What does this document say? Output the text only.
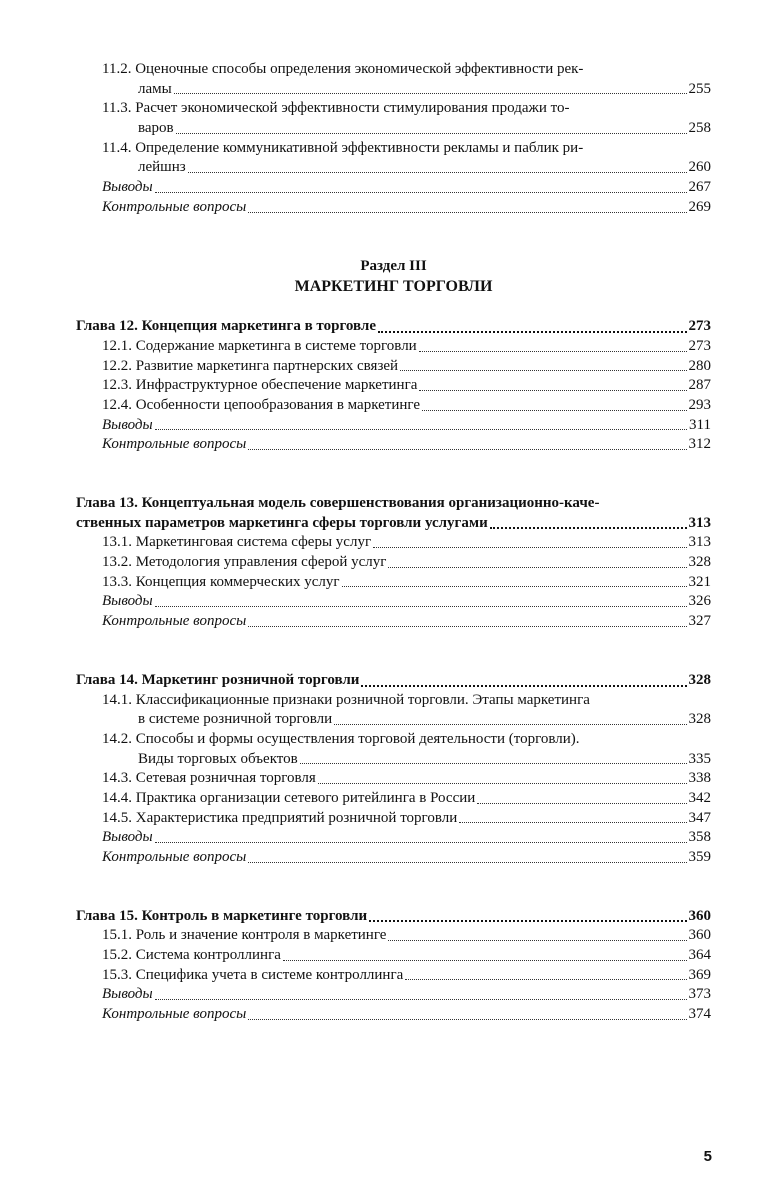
11.2. Оценочные способы определения экономической эффективности рек-
ламы	255
11.3. Расчет экономической эффективности стимулирования продажи то-
варов	258
11.4. Определение коммуникативной эффективности рекламы и паблик ри-
лейшнз	260
Выводы	267
Контрольные вопросы	269
Раздел III
МАРКЕТИНГ ТОРГОВЛИ
Глава 12. Концепция маркетинга в торговле	273
12.1. Содержание маркетинга в системе торговли	273
12.2. Развитие маркетинга партнерских связей	280
12.3. Инфраструктурное обеспечение маркетинга	287
12.4. Особенности цепообразования в маркетинге	293
Выводы	311
Контрольные вопросы	312
Глава 13. Концептуальная модель совершенствования организационно-каче-
ственных параметров маркетинга сферы торговли услугами	313
13.1. Маркетинговая система сферы услуг	313
13.2. Методология управления сферой услуг	328
13.3. Концепция коммерческих услуг	321
Выводы	326
Контрольные вопросы	327
Глава 14. Маркетинг розничной торговли	328
14.1. Классификационные признаки розничной торговли. Этапы маркетинга
в системе розничной торговли	328
14.2. Способы и формы осуществления торговой деятельности (торговли).
Виды торговых объектов	335
14.3. Сетевая розничная торговля	338
14.4. Практика организации сетевого ритейлинга в России	342
14.5. Характеристика предприятий розничной торговли	347
Выводы	358
Контрольные вопросы	359
Глава 15. Контроль в маркетинге торговли	360
15.1. Роль и значение контроля в маркетинге	360
15.2. Система контроллинга	364
15.3. Специфика учета в системе контроллинга	369
Выводы	373
Контрольные вопросы	374
5
